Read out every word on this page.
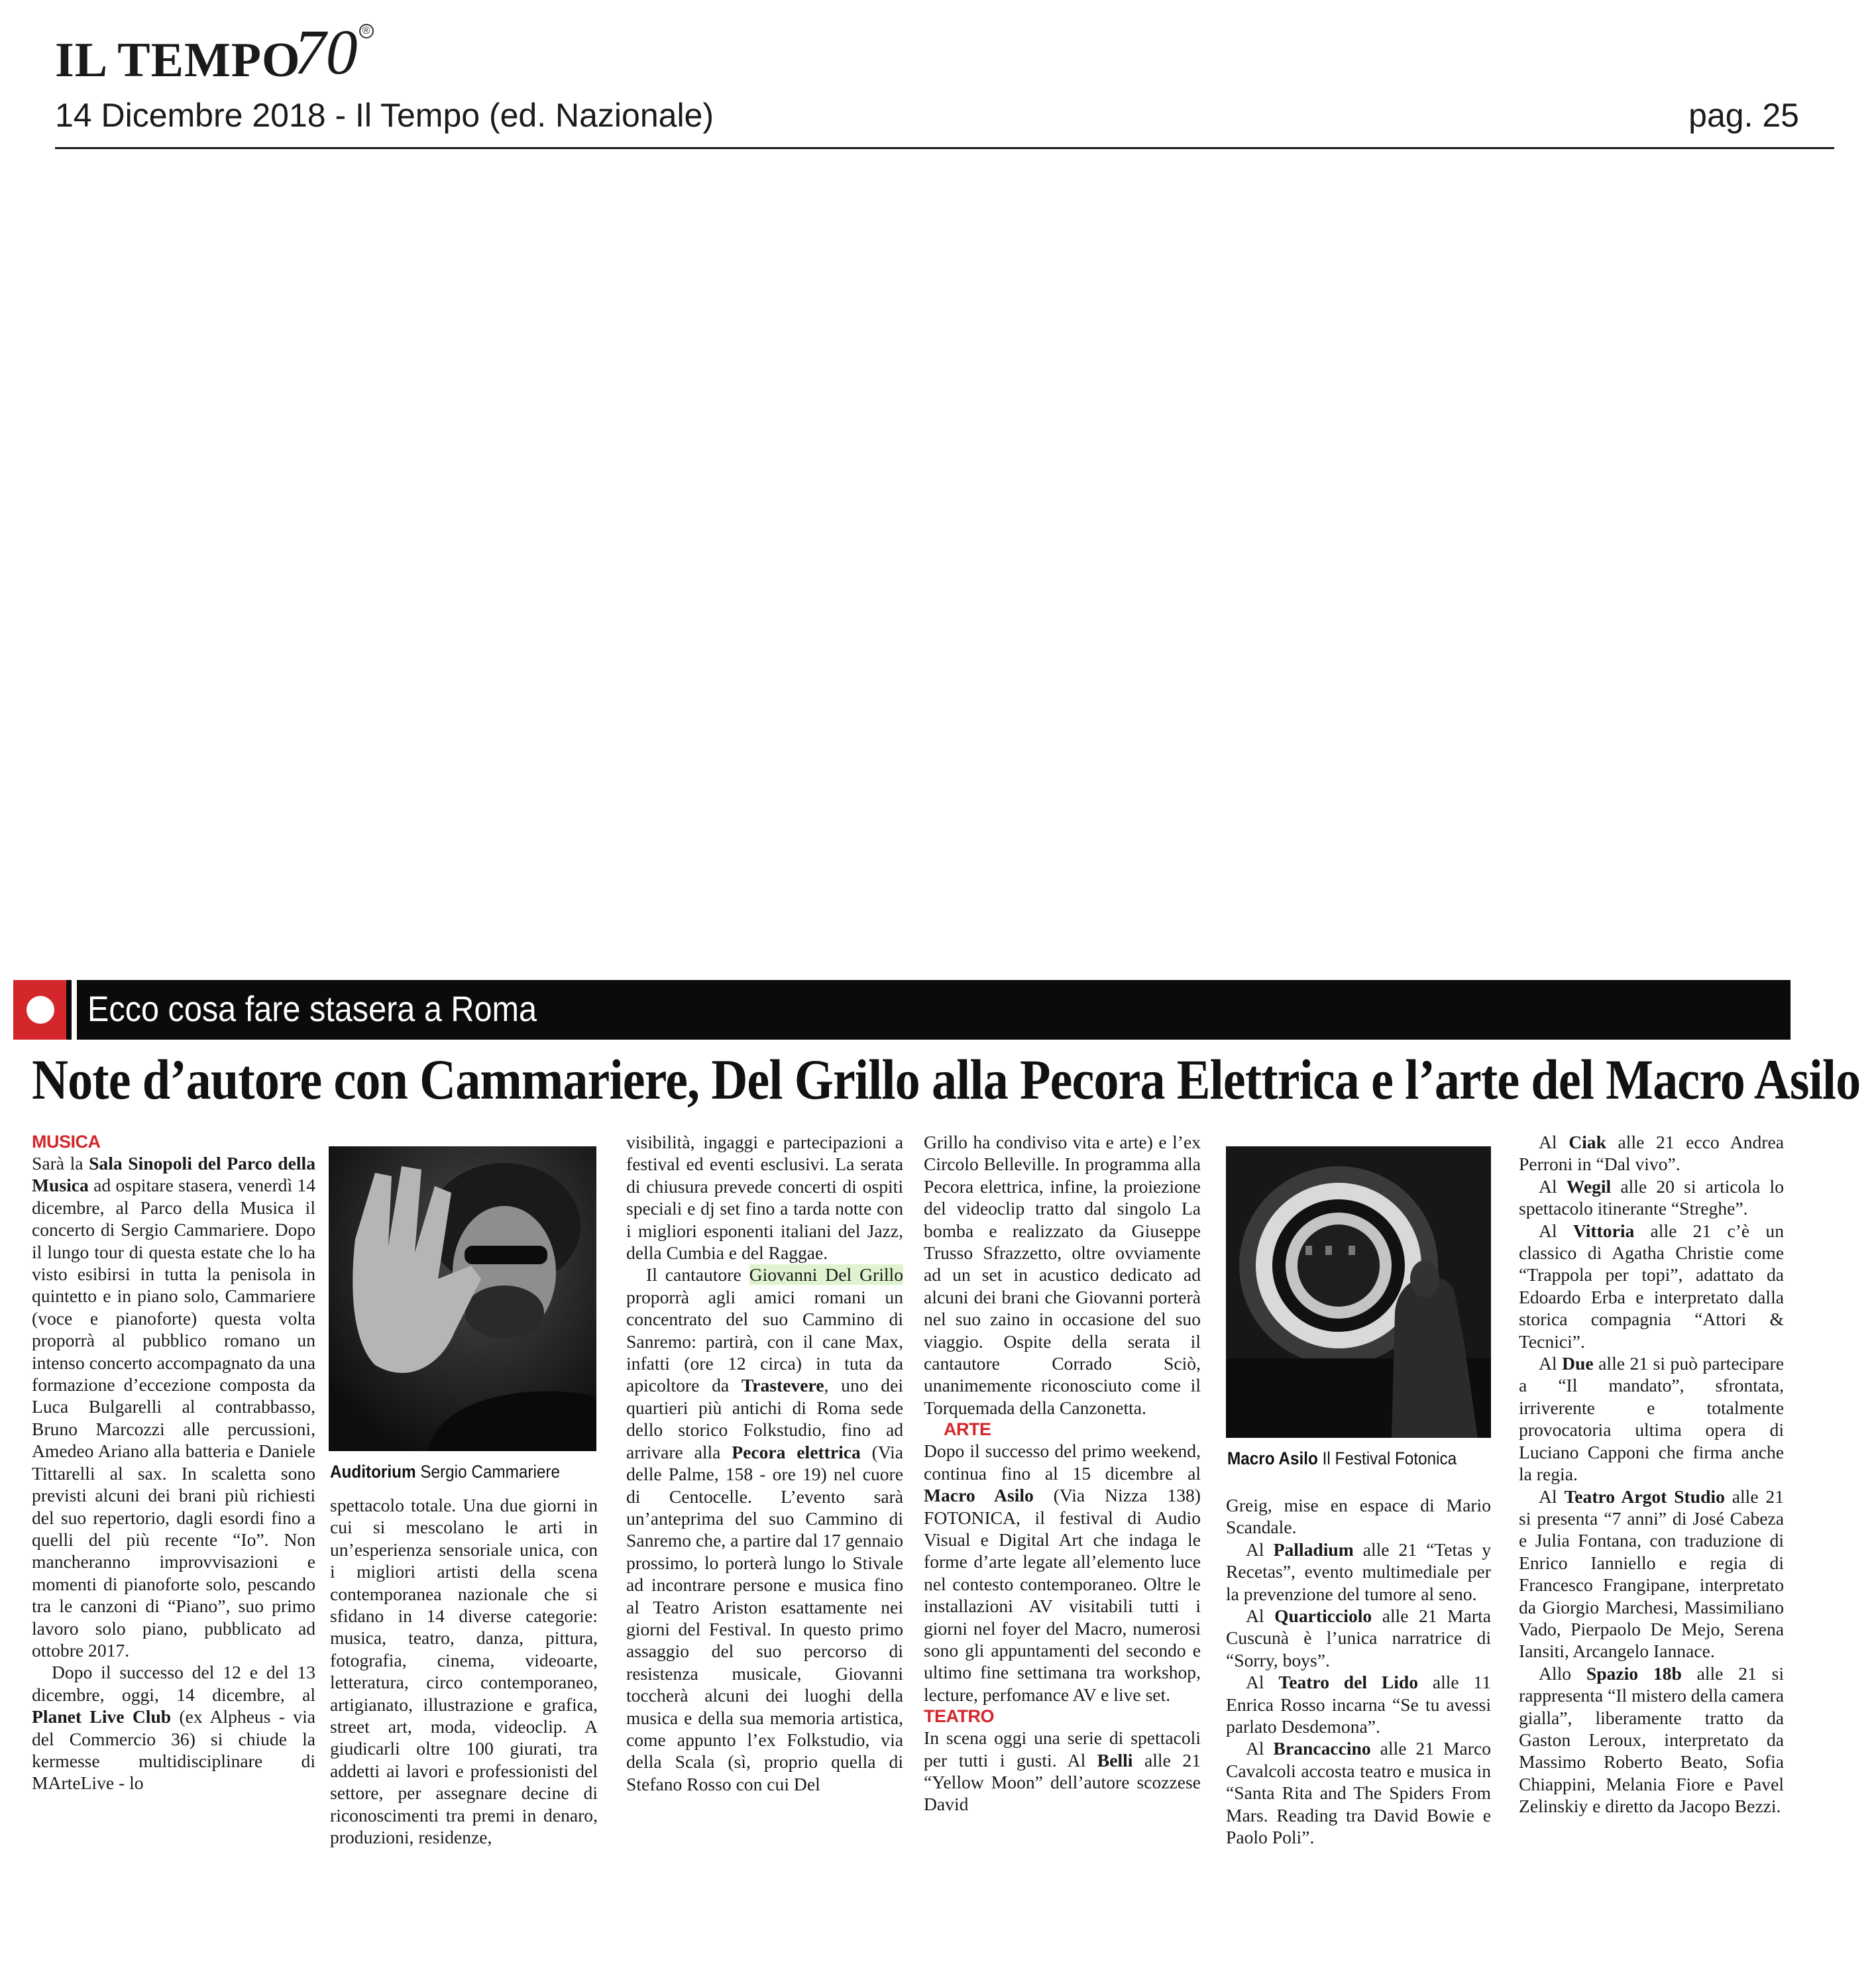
IL TEMPO
70 ®
14 Dicembre 2018 - Il Tempo (ed. Nazionale)	pag. 25
Ecco cosa fare stasera a Roma
Note d’autore con Cammariere, Del Grillo alla Pecora Elettrica e l’arte del Macro Asilo
MUSICA

Sarà la Sala Sinopoli del Parco della Musica ad ospitare stasera, venerdì 14 dicembre, al Parco della Musica il concerto di Sergio Cammariere. Dopo il lungo tour di questa estate che lo ha visto esibirsi in tutta la penisola in quintetto e in piano solo, Cammariere (voce e pianoforte) questa volta proporrà al pubblico romano un intenso concerto accompagnato da una formazione d’eccezione composta da Luca Bulgarelli al contrabbasso, Bruno Marcozzi alle percussioni, Amedeo Ariano alla batteria e Daniele Tittarelli al sax. In scaletta sono previsti alcuni dei brani più richiesti del suo repertorio, dagli esordi fino a quelli del più recente “Io”. Non mancheranno improvvisazioni e momenti di pianoforte solo, pescando tra le canzoni di “Piano”, suo primo lavoro solo piano, pubblicato ad ottobre 2017.

Dopo il successo del 12 e del 13 dicembre, oggi, 14 dicembre, al Planet Live Club (ex Alpheus - via del Commercio 36) si chiude la kermesse multidisciplinare di MArteLive - lo

Auditorium Sergio Cammariere

spettacolo totale. Una due giorni in cui si mescolano le arti in un’esperienza sensoriale unica, con i migliori artisti della scena contemporanea nazionale che si sfidano in 14 diverse categorie: musica, teatro, danza, pittura, fotografia, cinema, videoarte, letteratura, circo contemporaneo, artigianato, illustrazione e grafica, street art, moda, videoclip. A giudicarli oltre 100 giurati, tra addetti ai lavori e professionisti del settore, per assegnare decine di riconoscimenti tra premi in denaro, produzioni, residenze,

visibilità, ingaggi e partecipazioni a festival ed eventi esclusivi. La serata di chiusura prevede concerti di ospiti speciali e dj set fino a tarda notte con i migliori esponenti italiani del Jazz, della Cumbia e del Raggae.

Il cantautore Giovanni Del Grillo proporrà agli amici romani un concentrato del suo Cammino di Sanremo: partirà, con il cane Max, infatti (ore 12 circa) in tuta da apicoltore da Trastevere, uno dei quartieri più antichi di Roma sede dello storico Folkstudio, fino ad arrivare alla Pecora elettrica (Via delle Palme, 158 - ore 19) nel cuore di Centocelle. L’evento sarà un’anteprima del suo Cammino di Sanremo che, a partire dal 17 gennaio prossimo, lo porterà lungo lo Stivale ad incontrare persone e musica fino al Teatro Ariston esattamente nei giorni del Festival. In questo primo assaggio del suo percorso di resistenza musicale, Giovanni toccherà alcuni dei luoghi della musica e della sua memoria artistica, come appunto l’ex Folkstudio, via della Scala (sì, proprio quella di Stefano Rosso con cui Del

Grillo ha condiviso vita e arte) e l’ex Circolo Belleville. In programma alla Pecora elettrica, infine, la proiezione del videoclip tratto dal singolo La bomba e realizzato da Giuseppe Trusso Sfrazzetto, oltre ovviamente ad un set in acustico dedicato ad alcuni dei brani che Giovanni porterà nel suo zaino in occasione del suo viaggio. Ospite della serata il cantautore Corrado Sciò, unanimemente riconosciuto come il Torquemada della Canzonetta.

ARTE

Dopo il successo del primo weekend, continua fino al 15 dicembre al Macro Asilo (Via Nizza 138) FOTONICA, il festival di Audio Visual e Digital Art che indaga le forme d’arte legate all’elemento luce nel contesto contemporaneo. Oltre le installazioni AV visitabili tutti i giorni nel foyer del Macro, numerosi sono gli appuntamenti del secondo e ultimo fine settimana tra workshop, lecture, perfomance AV e live set.

TEATRO

In scena oggi una serie di spettacoli per tutti i gusti. Al Belli alle 21 “Yellow Moon” dell’autore scozzese David

Macro Asilo Il Festival Fotonica

Greig, mise en espace di Mario Scandale.

Al Palladium alle 21 “Tetas y Recetas”, evento multimediale per la prevenzione del tumore al seno.

Al Quarticciolo alle 21 Marta Cuscunà è l’unica narratrice di “Sorry, boys”.

Al Teatro del Lido alle 11 Enrica Rosso incarna “Se tu avessi parlato Desdemona”.

Al Brancaccino alle 21 Marco Cavalcoli accosta teatro e musica in “Santa Rita and The Spiders From Mars. Reading tra David Bowie e Paolo Poli”.

Al Ciak alle 21 ecco Andrea Perroni in “Dal vivo”.

Al Wegil alle 20 si articola lo spettacolo itinerante “Streghe”.

Al Vittoria alle 21 c’è un classico di Agatha Christie come “Trappola per topi”, adattato da Edoardo Erba e interpretato dalla storica compagnia “Attori & Tecnici”.

Al Due alle 21 si può partecipare a “Il mandato”, sfrontata, irriverente e totalmente provocatoria ultima opera di Luciano Capponi che firma anche la regia.

Al Teatro Argot Studio alle 21 si presenta “7 anni” di José Cabeza e Julia Fontana, con traduzione di Enrico Ianniello e regia di Francesco Frangipane, interpretato da Giorgio Marchesi, Massimiliano Vado, Pierpaolo De Mejo, Serena Iansiti, Arcangelo Iannace.

Allo Spazio 18b alle 21 si rappresenta “Il mistero della camera gialla”, liberamente tratto da Gaston Leroux, interpretato da Massimo Roberto Beato, Sofia Chiappini, Melania Fiore e Pavel Zelinskiy e diretto da Jacopo Bezzi.
